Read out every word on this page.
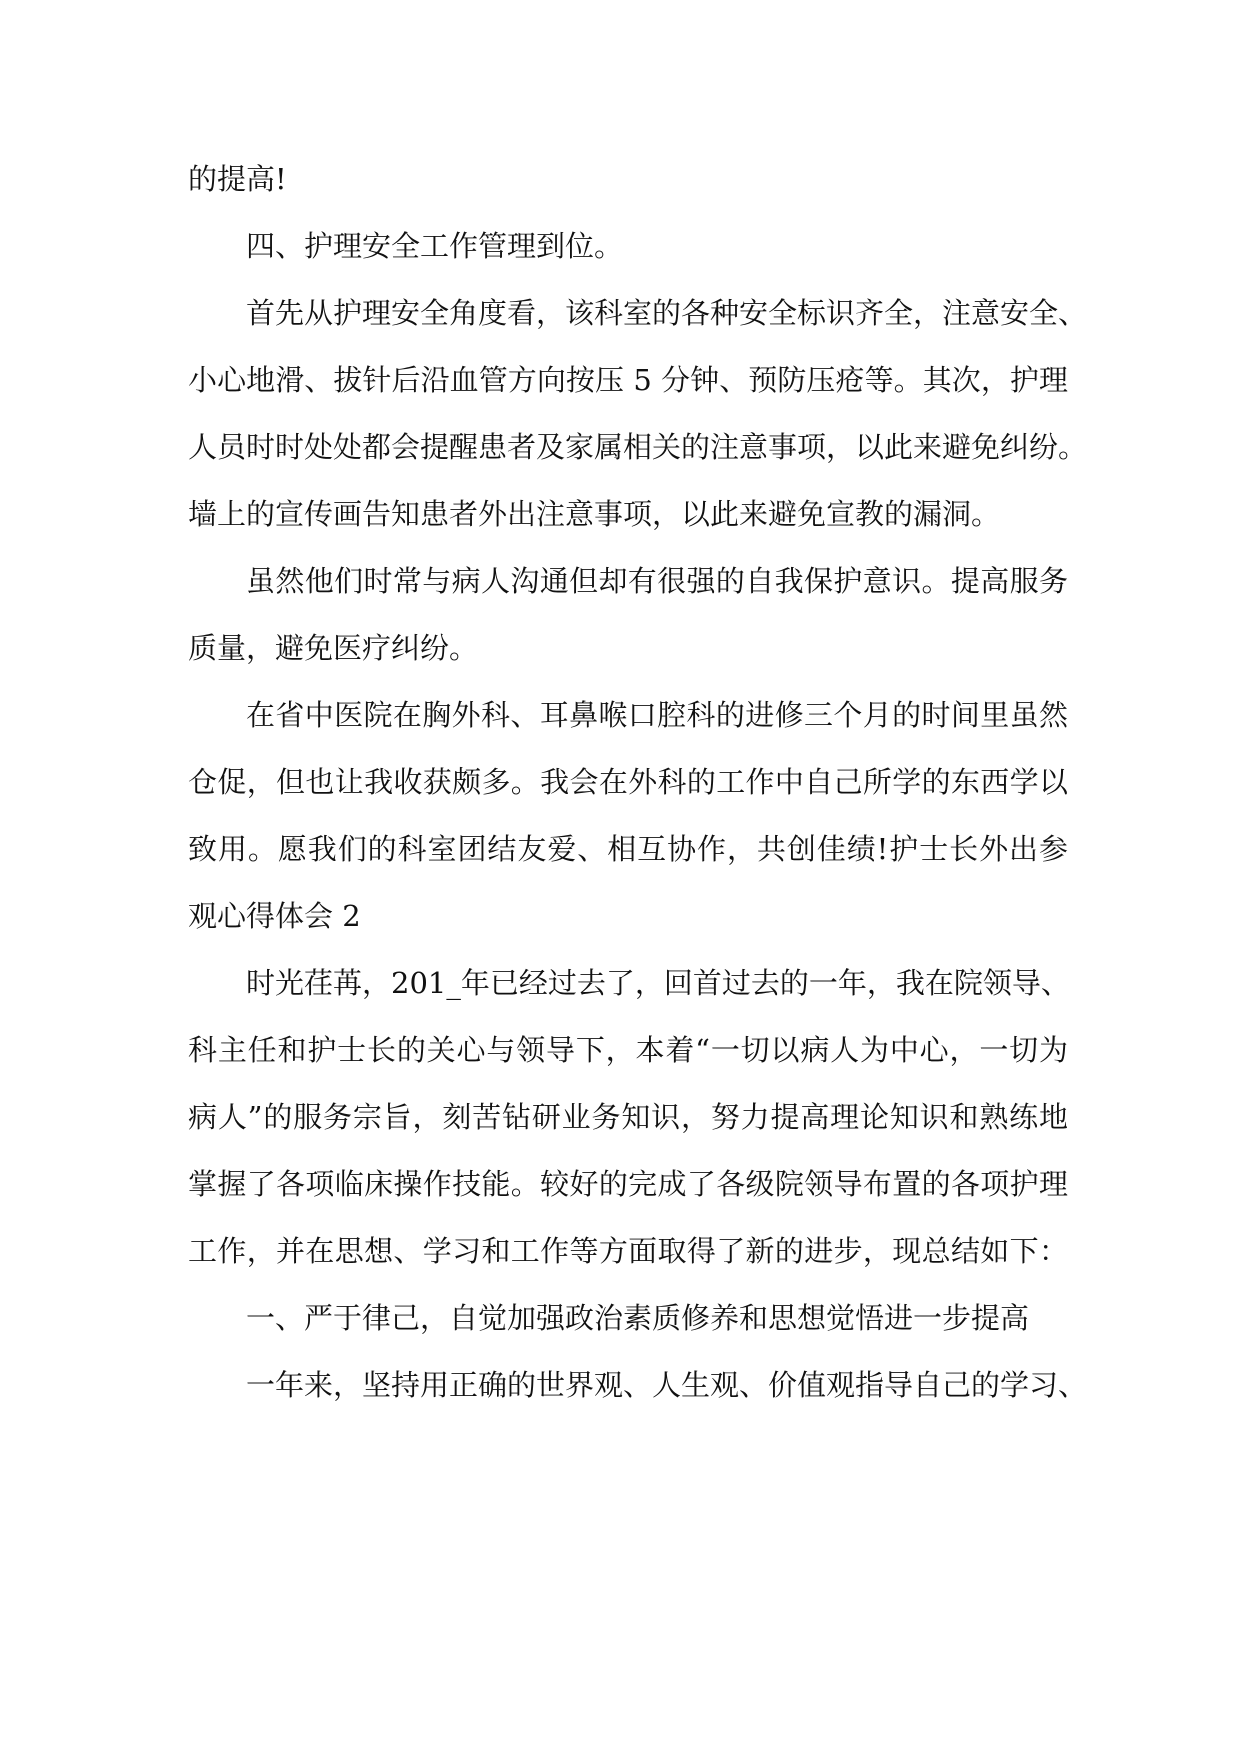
的提高!
四、护理安全工作管理到位。
首先从护理安全角度看，该科室的各种安全标识齐全，注意安全、
小心地滑、拔针后沿血管方向按压 5 分钟、预防压疮等。其次，护理
人员时时处处都会提醒患者及家属相关的注意事项，以此来避免纠纷。
墙上的宣传画告知患者外出注意事项，以此来避免宣教的漏洞。
虽然他们时常与病人沟通但却有很强的自我保护意识。提高服务
质量，避免医疗纠纷。
在省中医院在胸外科、耳鼻喉口腔科的进修三个月的时间里虽然
仓促，但也让我收获颇多。我会在外科的工作中自己所学的东西学以
致用。愿我们的科室团结友爱、相互协作，共创佳绩!护士长外出参
观心得体会 2
时光荏苒，201_年已经过去了，回首过去的一年，我在院领导、
科主任和护士长的关心与领导下，本着“一切以病人为中心，一切为
病人”的服务宗旨，刻苦钻研业务知识，努力提高理论知识和熟练地
掌握了各项临床操作技能。较好的完成了各级院领导布置的各项护理
工作，并在思想、学习和工作等方面取得了新的进步，现总结如下：
一、严于律己，自觉加强政治素质修养和思想觉悟进一步提高
一年来，坚持用正确的世界观、人生观、价值观指导自己的学习、
